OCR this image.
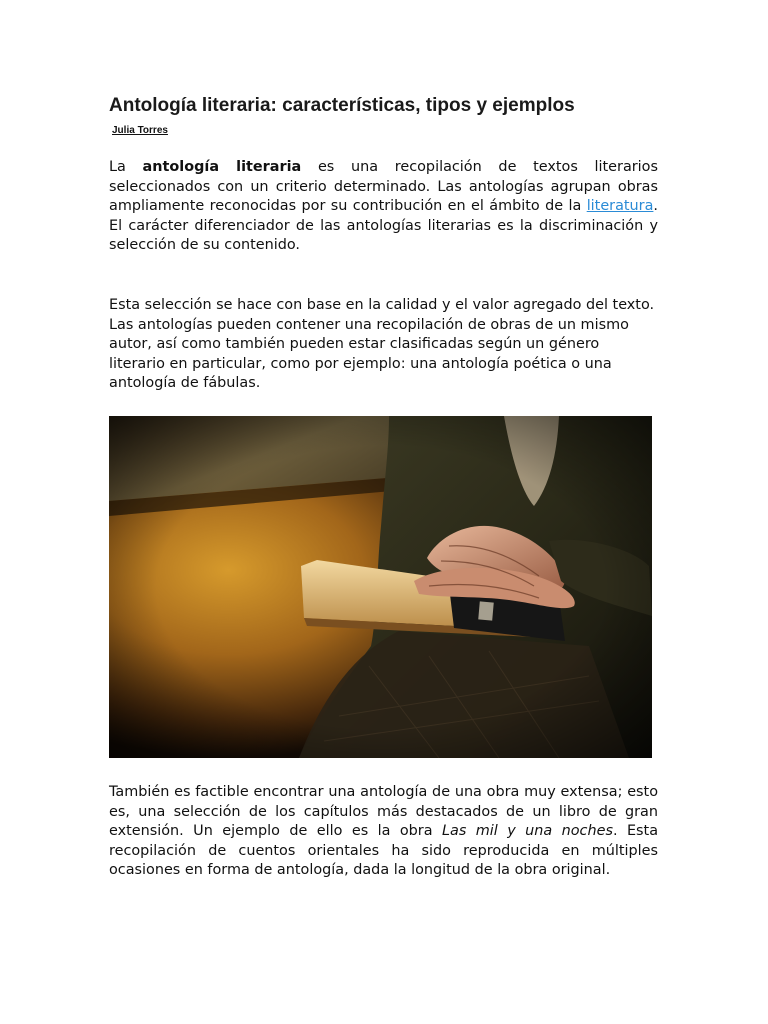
Antología literaria: características, tipos y ejemplos
Julia Torres

La antología literaria es una recopilación de textos literarios seleccionados con un criterio determinado. Las antologías agrupan obras ampliamente reconocidas por su contribución en el ámbito de la literatura. El carácter diferenciador de las antologías literarias es la discriminación y selección de su contenido.

Esta selección se hace con base en la calidad y el valor agregado del texto. Las antologías pueden contener una recopilación de obras de un mismo autor, así como también pueden estar clasificadas según un género literario en particular, como por ejemplo: una antología poética o una antología de fábulas.

También es factible encontrar una antología de una obra muy extensa; esto es, una selección de los capítulos más destacados de un libro de gran extensión. Un ejemplo de ello es la obra Las mil y una noches. Esta recopilación de cuentos orientales ha sido reproducida en múltiples ocasiones en forma de antología, dada la longitud de la obra original.
